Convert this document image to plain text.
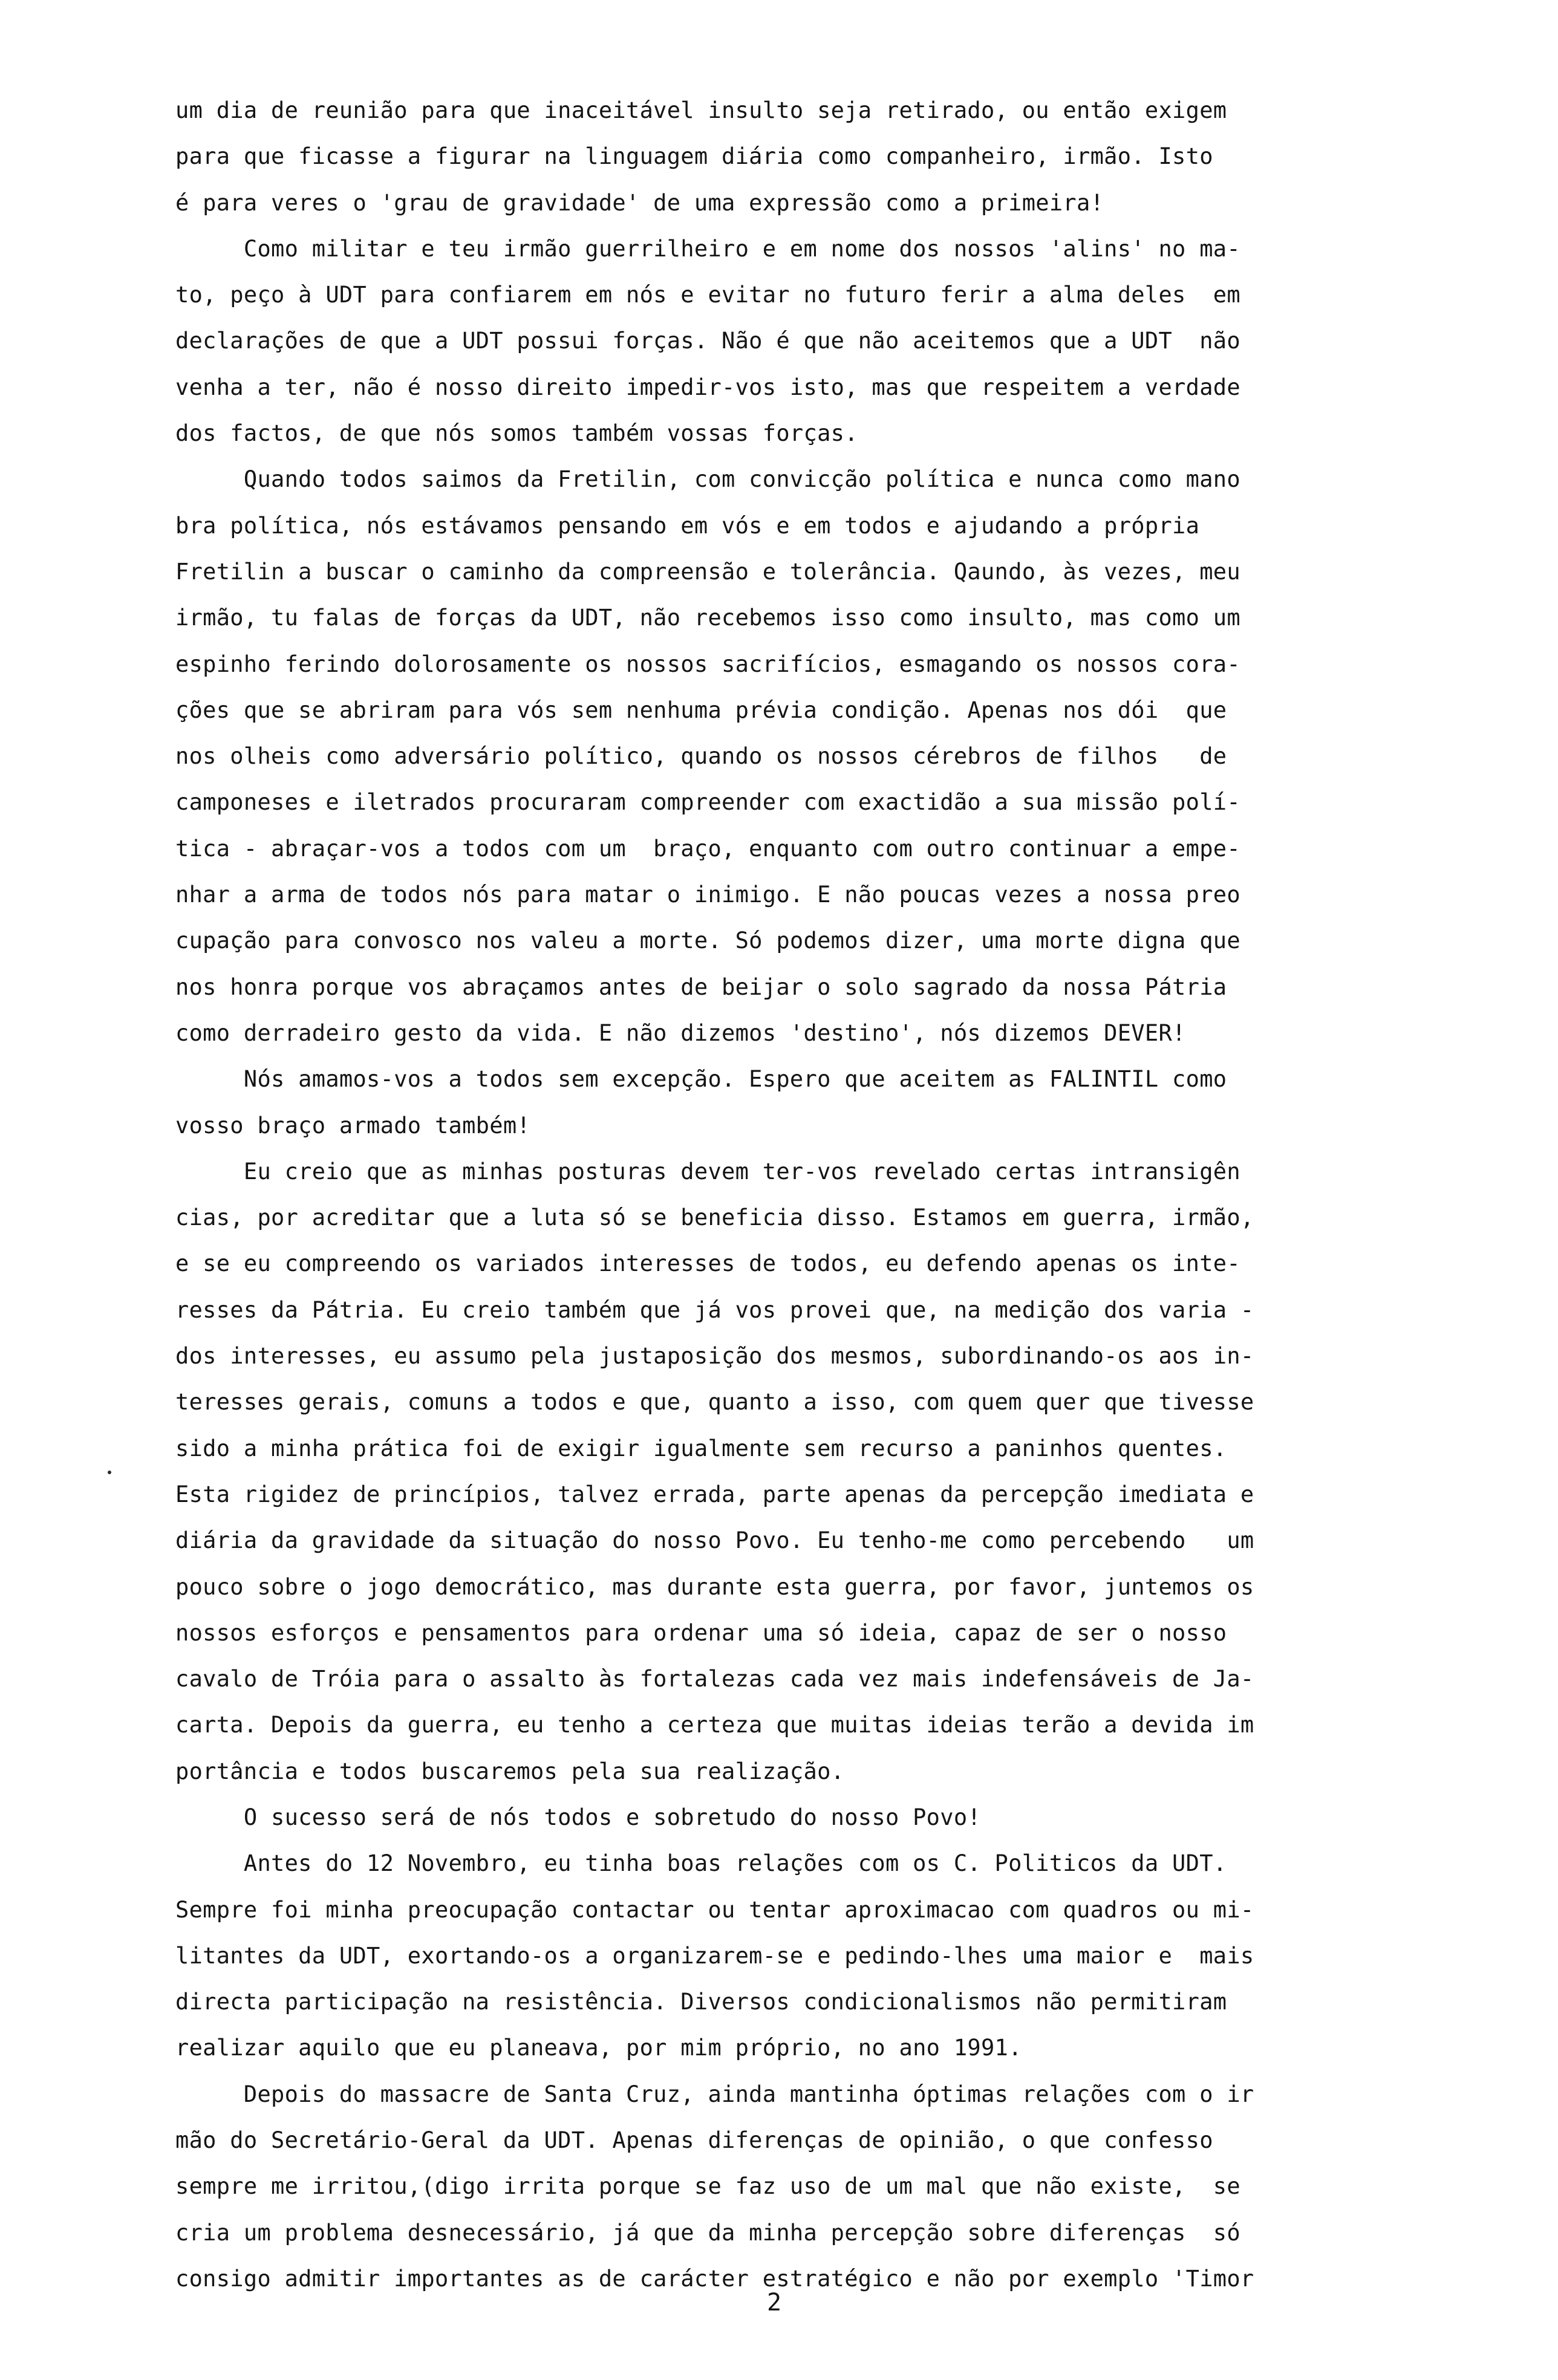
um dia de reunião para que inaceitável insulto seja retirado, ou então exigem
para que ficasse a figurar na linguagem diária como companheiro, irmão. Isto
é para veres o 'grau de gravidade' de uma expressão como a primeira!
Como militar e teu irmão guerrilheiro e em nome dos nossos 'alins' no ma-
to, peço à UDT para confiarem em nós e evitar no futuro ferir a alma deles  em
declarações de que a UDT possui forças. Não é que não aceitemos que a UDT  não
venha a ter, não é nosso direito impedir-vos isto, mas que respeitem a verdade
dos factos, de que nós somos também vossas forças.
Quando todos saimos da Fretilin, com convicção política e nunca como mano
bra política, nós estávamos pensando em vós e em todos e ajudando a própria
Fretilin a buscar o caminho da compreensão e tolerância. Qaundo, às vezes, meu
irmão, tu falas de forças da UDT, não recebemos isso como insulto, mas como um
espinho ferindo dolorosamente os nossos sacrifícios, esmagando os nossos cora-
ções que se abriram para vós sem nenhuma prévia condição. Apenas nos dói  que
nos olheis como adversário político, quando os nossos cérebros de filhos   de
camponeses e iletrados procuraram compreender com exactidão a sua missão polí-
tica - abraçar-vos a todos com um  braço, enquanto com outro continuar a empe-
nhar a arma de todos nós para matar o inimigo. E não poucas vezes a nossa preo
cupação para convosco nos valeu a morte. Só podemos dizer, uma morte digna que
nos honra porque vos abraçamos antes de beijar o solo sagrado da nossa Pátria
como derradeiro gesto da vida. E não dizemos 'destino', nós dizemos DEVER!
Nós amamos-vos a todos sem excepção. Espero que aceitem as FALINTIL como
vosso braço armado também!
Eu creio que as minhas posturas devem ter-vos revelado certas intransigên
cias, por acreditar que a luta só se beneficia disso. Estamos em guerra, irmão,
e se eu compreendo os variados interesses de todos, eu defendo apenas os inte-
resses da Pátria. Eu creio também que já vos provei que, na medição dos varia -
dos interesses, eu assumo pela justaposição dos mesmos, subordinando-os aos in-
teresses gerais, comuns a todos e que, quanto a isso, com quem quer que tivesse
sido a minha prática foi de exigir igualmente sem recurso a paninhos quentes.
Esta rigidez de princípios, talvez errada, parte apenas da percepção imediata e
diária da gravidade da situação do nosso Povo. Eu tenho-me como percebendo   um
pouco sobre o jogo democrático, mas durante esta guerra, por favor, juntemos os
nossos esforços e pensamentos para ordenar uma só ideia, capaz de ser o nosso
cavalo de Tróia para o assalto às fortalezas cada vez mais indefensáveis de Ja-
carta. Depois da guerra, eu tenho a certeza que muitas ideias terão a devida im
portância e todos buscaremos pela sua realização.
O sucesso será de nós todos e sobretudo do nosso Povo!
Antes do 12 Novembro, eu tinha boas relações com os C. Politicos da UDT.
Sempre foi minha preocupação contactar ou tentar aproximacao com quadros ou mi-
litantes da UDT, exortando-os a organizarem-se e pedindo-lhes uma maior e  mais
directa participação na resistência. Diversos condicionalismos não permitiram
realizar aquilo que eu planeava, por mim próprio, no ano 1991.
Depois do massacre de Santa Cruz, ainda mantinha óptimas relações com o ir
mão do Secretário-Geral da UDT. Apenas diferenças de opinião, o que confesso
sempre me irritou,(digo irrita porque se faz uso de um mal que não existe,  se
cria um problema desnecessário, já que da minha percepção sobre diferenças  só
consigo admitir importantes as de carácter estratégico e não por exemplo 'Timor
2
